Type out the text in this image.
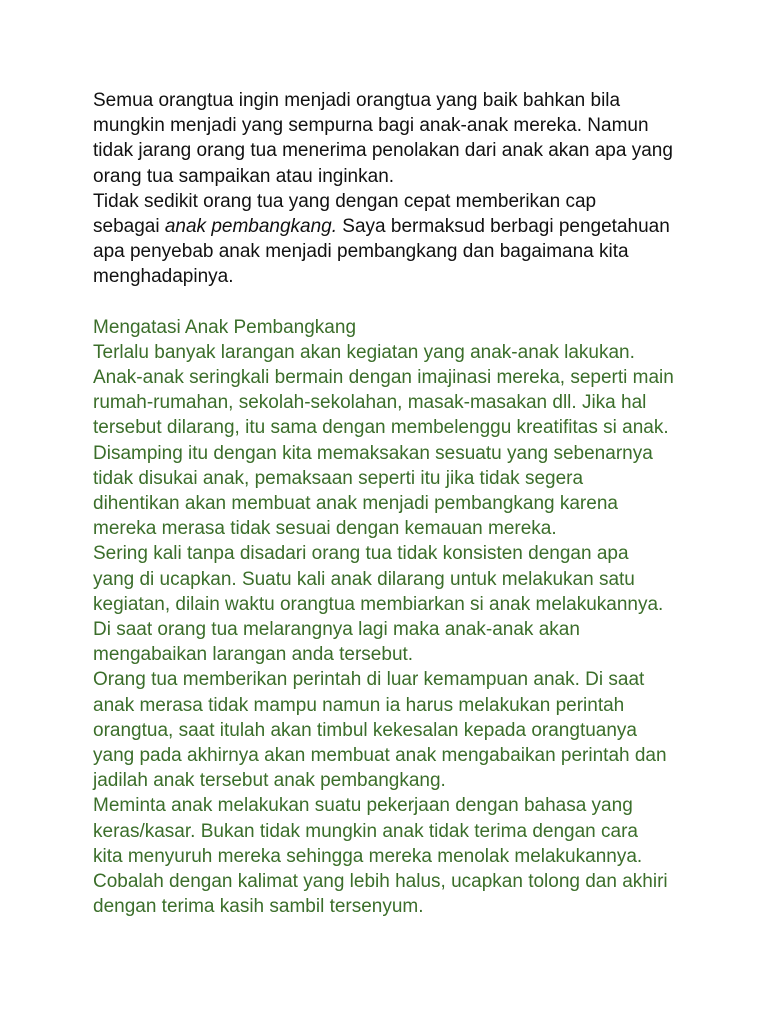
Semua orangtua ingin menjadi orangtua yang baik bahkan bila
mungkin menjadi yang sempurna bagi anak-anak mereka. Namun
tidak jarang orang tua menerima penolakan dari anak akan apa yang
orang tua sampaikan atau inginkan.
Tidak sedikit orang tua yang dengan cepat memberikan cap
sebagai anak pembangkang. Saya bermaksud berbagi pengetahuan
apa penyebab anak menjadi pembangkang dan bagaimana kita
menghadapinya.
Mengatasi Anak Pembangkang
Terlalu banyak larangan akan kegiatan yang anak-anak lakukan.
Anak-anak seringkali bermain dengan imajinasi mereka, seperti main
rumah-rumahan, sekolah-sekolahan, masak-masakan dll. Jika hal
tersebut dilarang, itu sama dengan membelenggu kreatifitas si anak.
Disamping itu dengan kita memaksakan sesuatu yang sebenarnya
tidak disukai anak, pemaksaan seperti itu jika tidak segera
dihentikan akan membuat anak menjadi pembangkang karena
mereka merasa tidak sesuai dengan kemauan mereka.
Sering kali tanpa disadari orang tua tidak konsisten dengan apa
yang di ucapkan. Suatu kali anak dilarang untuk melakukan satu
kegiatan, dilain waktu orangtua membiarkan si anak melakukannya.
Di saat orang tua melarangnya lagi maka anak-anak akan
mengabaikan larangan anda tersebut.
Orang tua memberikan perintah di luar kemampuan anak. Di saat
anak merasa tidak mampu namun ia harus melakukan perintah
orangtua, saat itulah akan timbul kekesalan kepada orangtuanya
yang pada akhirnya akan membuat anak mengabaikan perintah dan
jadilah anak tersebut anak pembangkang.
Meminta anak melakukan suatu pekerjaan dengan bahasa yang
keras/kasar. Bukan tidak mungkin anak tidak terima dengan cara
kita menyuruh mereka sehingga mereka menolak melakukannya.
Cobalah dengan kalimat yang lebih halus, ucapkan tolong dan akhiri
dengan terima kasih sambil tersenyum.
